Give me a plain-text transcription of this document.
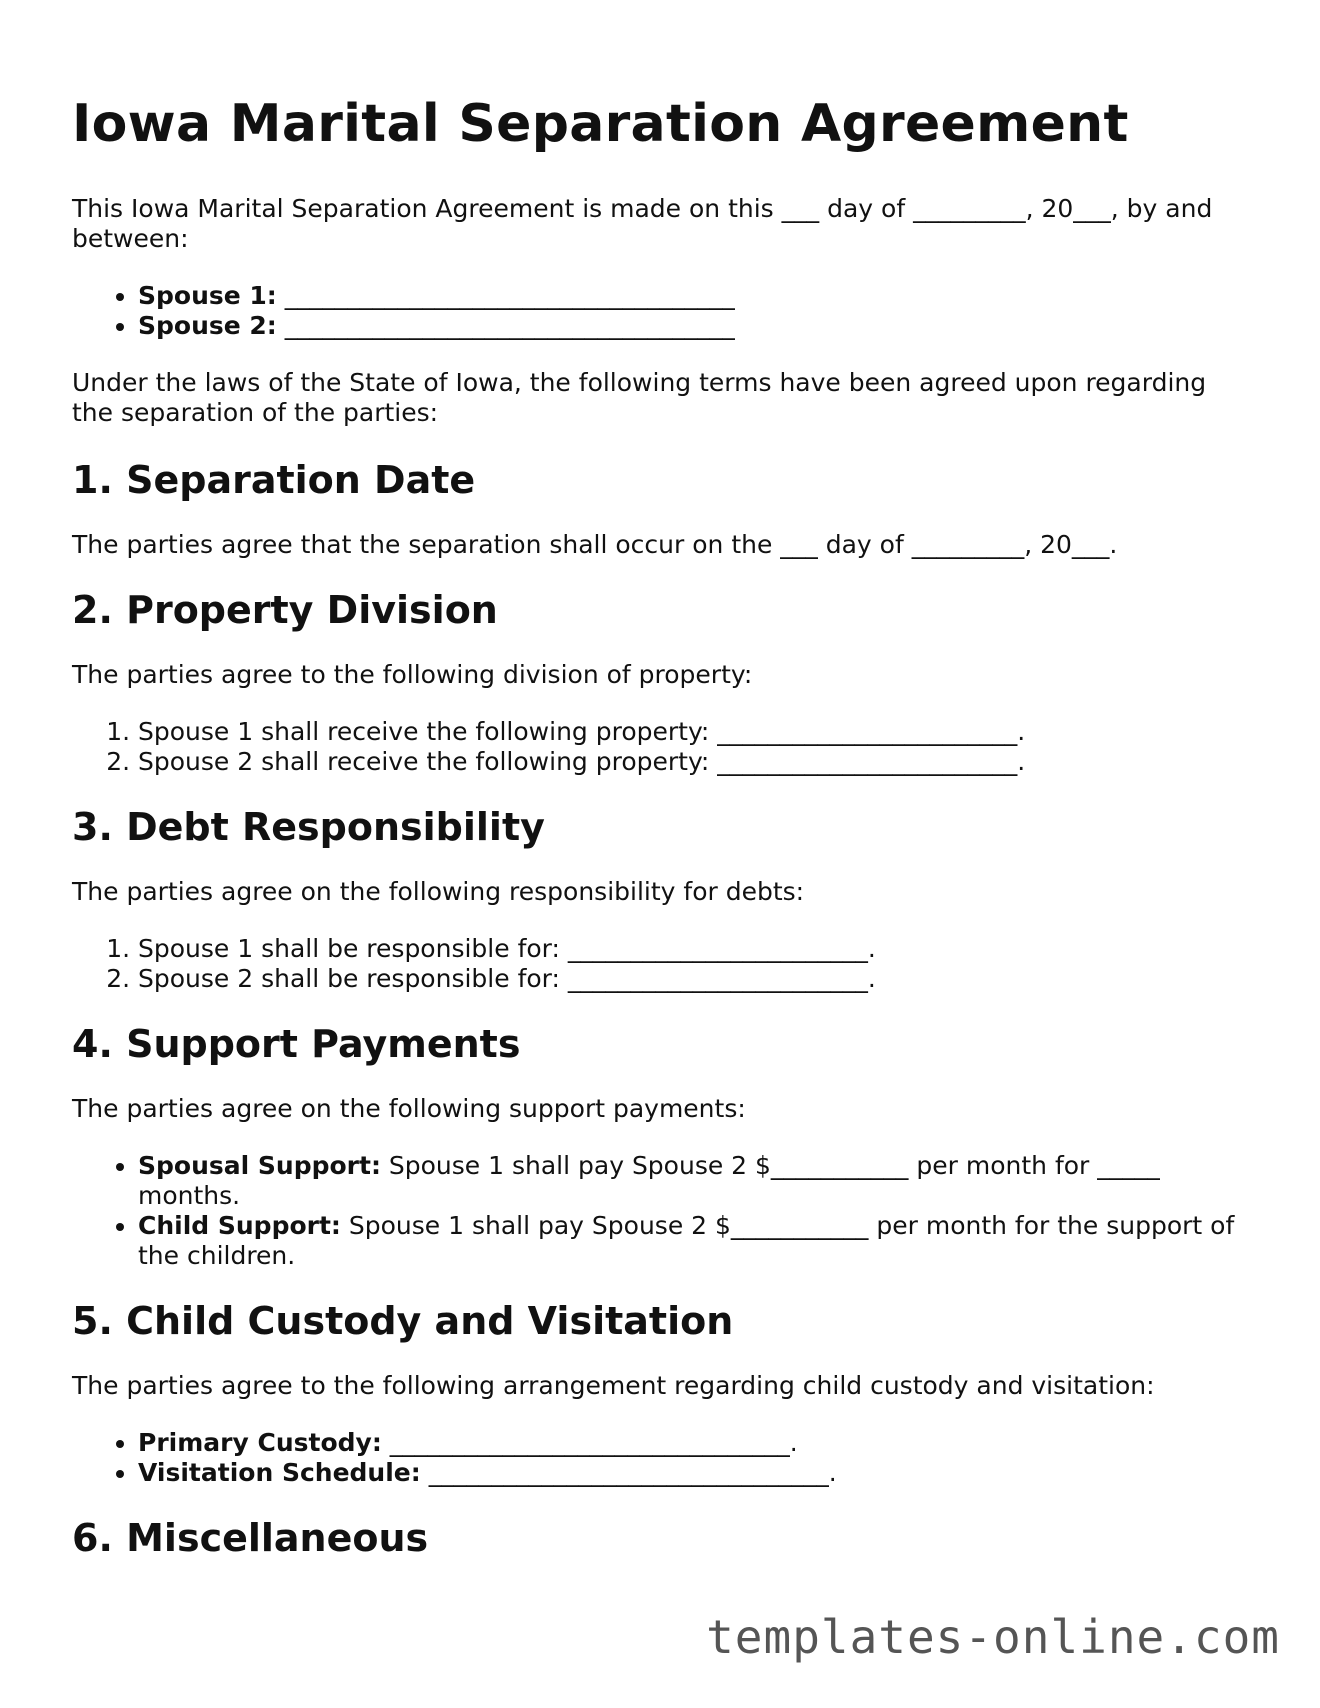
Iowa Marital Separation Agreement

This Iowa Marital Separation Agreement is made on this ___ day of _________, 20___, by and between:

• Spouse 1: ____________________________________
• Spouse 2: ____________________________________

Under the laws of the State of Iowa, the following terms have been agreed upon regarding the separation of the parties:

1. Separation Date

The parties agree that the separation shall occur on the ___ day of _________, 20___.

2. Property Division

The parties agree to the following division of property:

1. Spouse 1 shall receive the following property: ________________________.
2. Spouse 2 shall receive the following property: ________________________.
3. Debt Responsibility

The parties agree on the following responsibility for debts:

1. Spouse 1 shall be responsible for: ________________________.
2. Spouse 2 shall be responsible for: ________________________.
4. Support Payments

The parties agree on the following support payments:

• Spousal Support: Spouse 1 shall pay Spouse 2 $___________ per month for _____ months.
• Child Support: Spouse 1 shall pay Spouse 2 $___________ per month for the support of the children.
5. Child Custody and Visitation

The parties agree to the following arrangement regarding child custody and visitation:

• Primary Custody: ________________________________.
• Visitation Schedule: ________________________________.
6. Miscellaneous
templates-online.com
